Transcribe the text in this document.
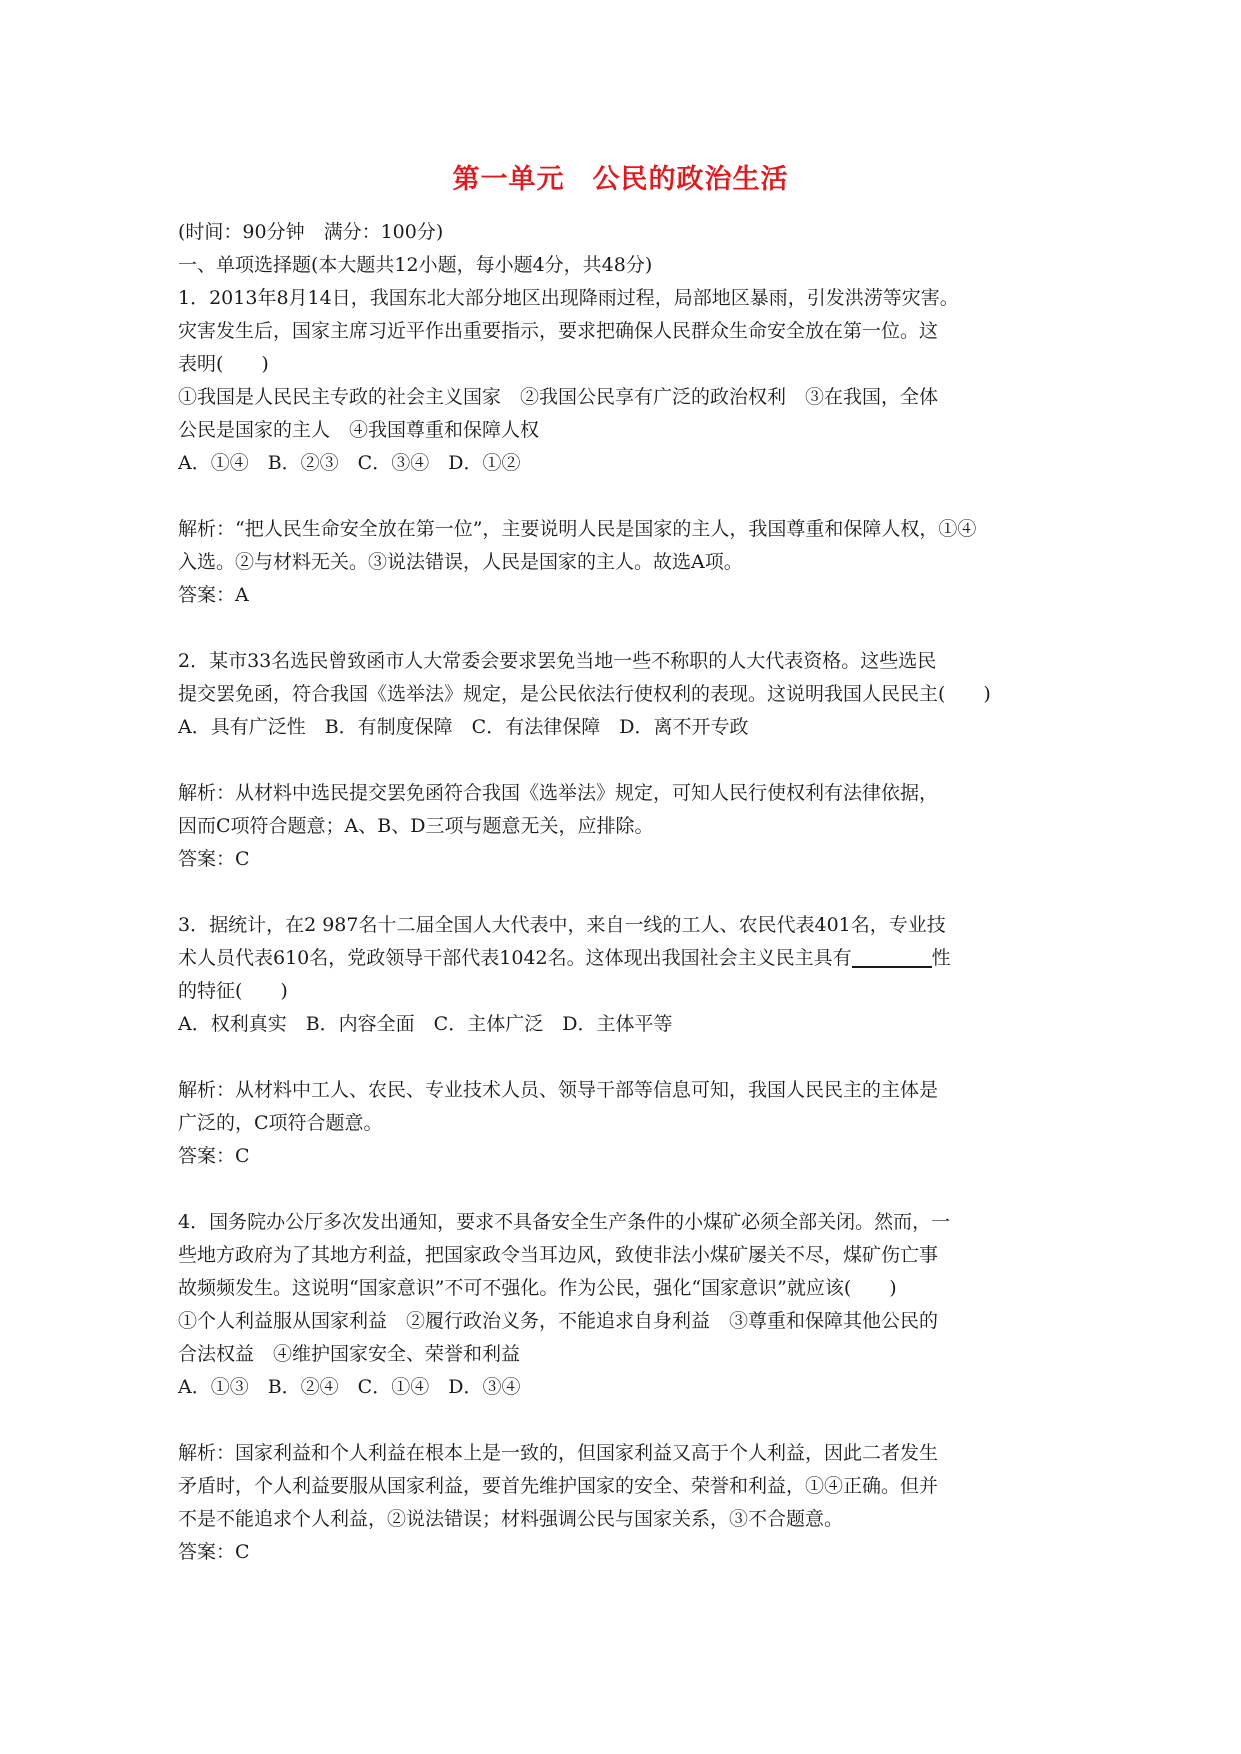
第一单元　公民的政治生活
(时间：90分钟　满分：100分)
一、单项选择题(本大题共12小题，每小题4分，共48分)
1．2013年8月14日，我国东北大部分地区出现降雨过程，局部地区暴雨，引发洪涝等灾害。
灾害发生后，国家主席习近平作出重要指示，要求把确保人民群众生命安全放在第一位。这
表明(　　)
①我国是人民民主专政的社会主义国家　②我国公民享有广泛的政治权利　③在我国，全体
公民是国家的主人　④我国尊重和保障人权
A．①④　B．②③　C．③④　D．①②
解析：“把人民生命安全放在第一位”，主要说明人民是国家的主人，我国尊重和保障人权，①④
入选。②与材料无关。③说法错误，人民是国家的主人。故选A项。
答案：A
2．某市33名选民曾致函市人大常委会要求罢免当地一些不称职的人大代表资格。这些选民
提交罢免函，符合我国《选举法》规定，是公民依法行使权利的表现。这说明我国人民民主(　　)
A．具有广泛性　B．有制度保障　C．有法律保障　D．离不开专政
解析：从材料中选民提交罢免函符合我国《选举法》规定，可知人民行使权利有法律依据，
因而C项符合题意；A、B、D三项与题意无关，应排除。
答案：C
3．据统计，在2 987名十二届全国人大代表中，来自一线的工人、农民代表401名，专业技
术人员代表610名，党政领导干部代表1042名。这体现出我国社会主义民主具有	性
的特征(　　)
A．权利真实　B．内容全面　C．主体广泛　D．主体平等
解析：从材料中工人、农民、专业技术人员、领导干部等信息可知，我国人民民主的主体是
广泛的，C项符合题意。
答案：C
4．国务院办公厅多次发出通知，要求不具备安全生产条件的小煤矿必须全部关闭。然而，一
些地方政府为了其地方利益，把国家政令当耳边风，致使非法小煤矿屡关不尽，煤矿伤亡事
故频频发生。这说明“国家意识”不可不强化。作为公民，强化“国家意识”就应该(　　)
①个人利益服从国家利益　②履行政治义务，不能追求自身利益　③尊重和保障其他公民的
合法权益　④维护国家安全、荣誉和利益
A．①③　B．②④　C．①④　D．③④
解析：国家利益和个人利益在根本上是一致的，但国家利益又高于个人利益，因此二者发生
矛盾时，个人利益要服从国家利益，要首先维护国家的安全、荣誉和利益，①④正确。但并
不是不能追求个人利益，②说法错误；材料强调公民与国家关系，③不合题意。
答案：C
